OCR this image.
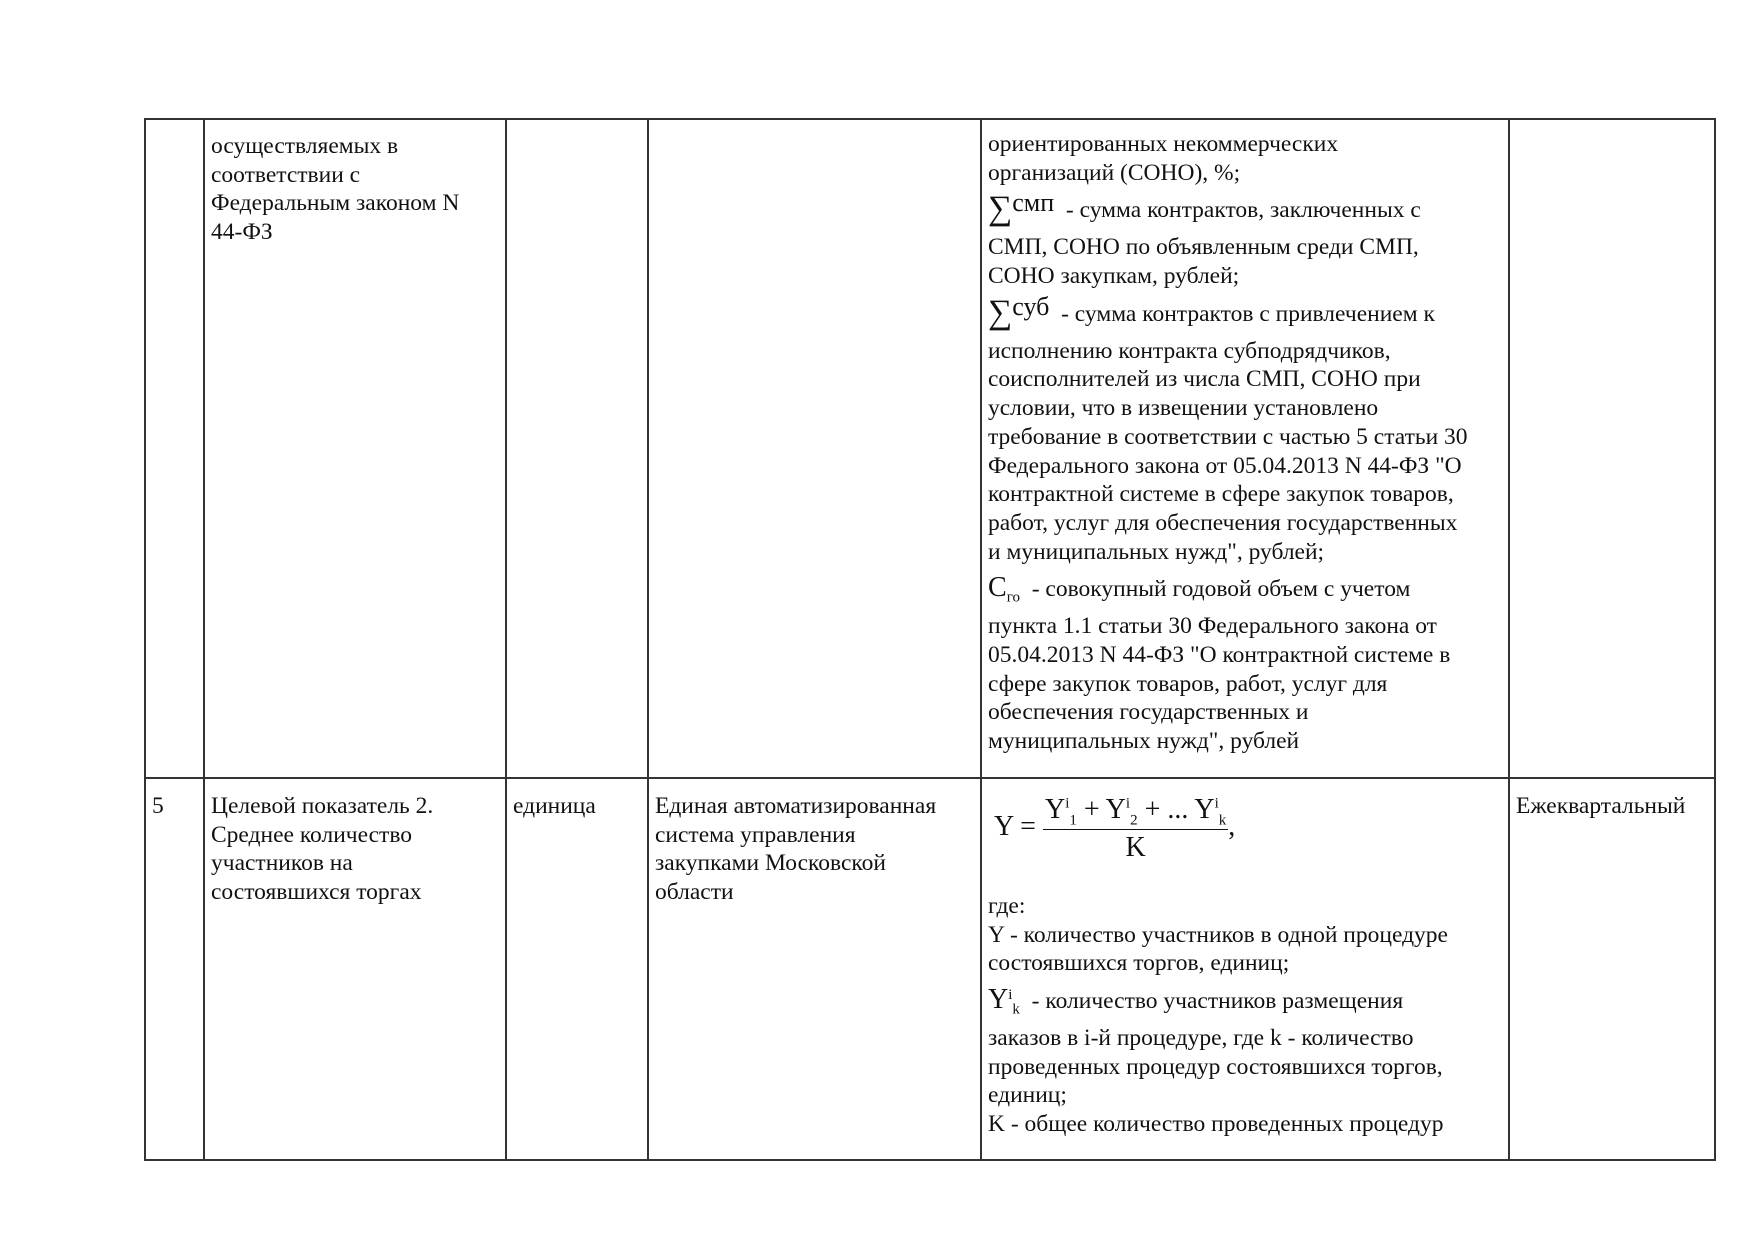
осуществляемых в
соответствии с
Федеральным законом N
44-ФЗ
ориентированных некоммерческих
организаций (СОНО), %;
∑смп - сумма контрактов, заключенных с
СМП, СОНО по объявленным среди СМП,
СОНО закупкам, рублей;
∑суб - сумма контрактов с привлечением к
исполнению контракта субподрядчиков,
соисполнителей из числа СМП, СОНО при
условии, что в извещении установлено
требование в соответствии с частью 5 статьи 30
Федерального закона от 05.04.2013 N 44-ФЗ "О
контрактной системе в сфере закупок товаров,
работ, услуг для обеспечения государственных
и муниципальных нужд", рублей;
$C_{го}$ - совокупный годовой объем с учетом
пункта 1.1 статьи 30 Федерального закона от
05.04.2013 N 44-ФЗ "О контрактной системе в
сфере закупок товаров, работ, услуг для
обеспечения государственных и
муниципальных нужд", рублей
5 Целевой показатель 2.
Среднее количество
участников на
состоявшихся торгах
единица	Единая автоматизированная
система управления
закупками Московской
области
$Y = \frac{Y^i_1 + Y^i_2 + ... Y^i_k}{K}$ ,
где:
Y - количество участников в одной процедуре
состоявшихся торгов, единиц;
$Y^i_k$ - количество участников размещения
заказов в i-й процедуре, где k - количество
проведенных процедур состоявшихся торгов,
единиц;
K - общее количество проведенных процедур
Ежеквартальный
